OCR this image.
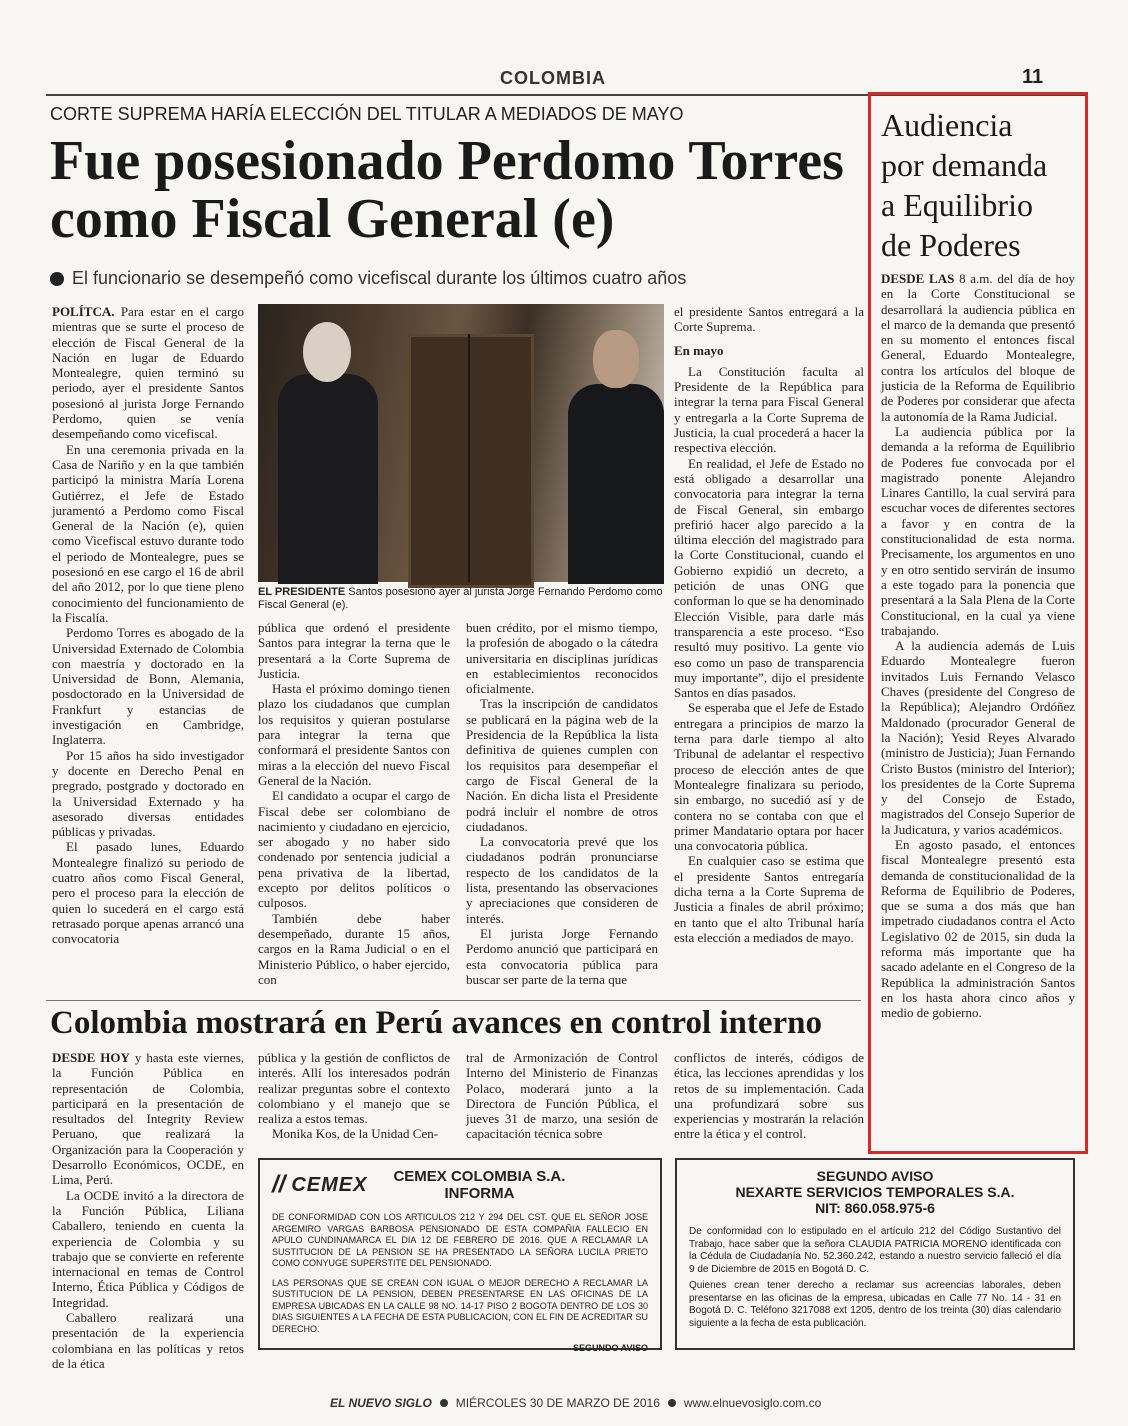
COLOMBIA	11
CORTE SUPREMA HARÍA ELECCIÓN DEL TITULAR A MEDIADOS DE MAYO
Fue posesionado Perdomo Torres como Fiscal General (e)
El funcionario se desempeñó como vicefiscal durante los últimos cuatro años

POLÍTCA. Para estar en el cargo mientras que se surte el proceso de elección de Fiscal General de la Nación en lugar de Eduardo Montealegre, quien terminó su periodo, ayer el presidente Santos posesionó al jurista Jorge Fernando Perdomo, quien se venía desempeñando como vicefiscal.

En una ceremonia privada en la Casa de Nariño y en la que también participó la ministra María Lorena Gutiérrez, el Jefe de Estado juramentó a Perdomo como Fiscal General de la Nación (e), quien como Vicefiscal estuvo durante todo el periodo de Montealegre, pues se posesionó en ese cargo el 16 de abril del año 2012, por lo que tiene pleno conocimiento del funcionamiento de la Fiscalía.

Perdomo Torres es abogado de la Universidad Externado de Colombia con maestría y doctorado en la Universidad de Bonn, Alemania, posdoctorado en la Universidad de Frankfurt y estancias de investigación en Cambridge, Inglaterra.

Por 15 años ha sido investigador y docente en Derecho Penal en pregrado, postgrado y doctorado en la Universidad Externado y ha asesorado diversas entidades públicas y privadas.

El pasado lunes, Eduardo Montealegre finalizó su periodo de cuatro años como Fiscal General, pero el proceso para la elección de quien lo sucederá en el cargo está retrasado porque apenas arrancó una convocatoria

EL PRESIDENTE Santos posesionó ayer al jurista Jorge Fernando Perdomo como Fiscal General (e).

pública que ordenó el presidente Santos para integrar la terna que le presentará a la Corte Suprema de Justicia.

Hasta el próximo domingo tienen plazo los ciudadanos que cumplan los requisitos y quieran postularse para integrar la terna que conformará el presidente Santos con miras a la elección del nuevo Fiscal General de la Nación.

El candidato a ocupar el cargo de Fiscal debe ser colombiano de nacimiento y ciudadano en ejercicio, ser abogado y no haber sido condenado por sentencia judicial a pena privativa de la libertad, excepto por delitos políticos o culposos.

También debe haber desempeñado, durante 15 años, cargos en la Rama Judicial o en el Ministerio Público, o haber ejercido, con

buen crédito, por el mismo tiempo, la profesión de abogado o la cátedra universitaria en disciplinas jurídicas en establecimientos reconocidos oficialmente.

Tras la inscripción de candidatos se publicará en la página web de la Presidencia de la República la lista definitiva de quienes cumplen con los requisitos para desempeñar el cargo de Fiscal General de la Nación. En dicha lista el Presidente podrá incluir el nombre de otros ciudadanos.

La convocatoria prevé que los ciudadanos podrán pronunciarse respecto de los candidatos de la lista, presentando las observaciones y apreciaciones que consideren de interés.

El jurista Jorge Fernando Perdomo anunció que participará en esta convocatoria pública para buscar ser parte de la terna que

el presidente Santos entregará a la Corte Suprema.

En mayo

La Constitución faculta al Presidente de la República para integrar la terna para Fiscal General y entregarla a la Corte Suprema de Justicia, la cual procederá a hacer la respectiva elección.

En realidad, el Jefe de Estado no está obligado a desarrollar una convocatoria para integrar la terna de Fiscal General, sin embargo prefirió hacer algo parecido a la última elección del magistrado para la Corte Constitucional, cuando el Gobierno expidió un decreto, a petición de unas ONG que conforman lo que se ha denominado Elección Visible, para darle más transparencia a este proceso. “Eso resultó muy positivo. La gente vio eso como un paso de transparencia muy importante”, dijo el presidente Santos en días pasados.

Se esperaba que el Jefe de Estado entregara a principios de marzo la terna para darle tiempo al alto Tribunal de adelantar el respectivo proceso de elección antes de que Montealegre finalizara su periodo, sin embargo, no sucedió así y de contera no se contaba con que el primer Mandatario optara por hacer una convocatoria pública.

En cualquier caso se estima que el presidente Santos entregaría dicha terna a la Corte Suprema de Justicia a finales de abril próximo; en tanto que el alto Tribunal haría esta elección a mediados de mayo.

Audiencia
por demanda
a Equilibrio
de Poderes

DESDE LAS 8 a.m. del día de hoy en la Corte Constitucional se desarrollará la audiencia pública en el marco de la demanda que presentó en su momento el entonces fiscal General, Eduardo Montealegre, contra los artículos del bloque de justicia de la Reforma de Equilibrio de Poderes por considerar que afecta la autonomía de la Rama Judicial.

La audiencia pública por la demanda a la reforma de Equilibrio de Poderes fue convocada por el magistrado ponente Alejandro Linares Cantillo, la cual servirá para escuchar voces de diferentes sectores a favor y en contra de la constitucionalidad de esta norma. Precisamente, los argumentos en uno y en otro sentido servirán de insumo a este togado para la ponencia que presentará a la Sala Plena de la Corte Constitucional, en la cual ya viene trabajando.

A la audiencia además de Luis Eduardo Montealegre fueron invitados Luis Fernando Velasco Chaves (presidente del Congreso de la República); Alejandro Ordóñez Maldonado (procurador General de la Nación); Yesid Reyes Alvarado (ministro de Justicia); Juan Fernando Cristo Bustos (ministro del Interior); los presidentes de la Corte Suprema y del Consejo de Estado, magistrados del Consejo Superior de la Judicatura, y varios académicos.

En agosto pasado, el entonces fiscal Montealegre presentó esta demanda de constitucionalidad de la Reforma de Equilibrio de Poderes, que se suma a dos más que han impetrado ciudadanos contra el Acto Legislativo 02 de 2015, sin duda la reforma más importante que ha sacado adelante en el Congreso de la República la administración Santos en los hasta ahora cinco años y medio de gobierno.

Colombia mostrará en Perú avances en control interno

DESDE HOY y hasta este viernes, la Función Pública en representación de Colombia, participará en la presentación de resultados del Integrity Review Peruano, que realizará la Organización para la Cooperación y Desarrollo Económicos, OCDE, en Lima, Perú.

La OCDE invitó a la directora de la Función Pública, Liliana Caballero, teniendo en cuenta la experiencia de Colombia y su trabajo que se convierte en referente internacional en temas de Control Interno, Ética Pública y Códigos de Integridad.

Caballero realizará una presentación de la experiencia colombiana en las políticas y retos de la ética

pública y la gestión de conflictos de interés. Allí los interesados podrán realizar preguntas sobre el contexto colombiano y el manejo que se realiza a estos temas.

Monika Kos, de la Unidad Cen-

tral de Armonización de Control Interno del Ministerio de Finanzas Polaco, moderará junto a la Directora de Función Pública, el jueves 31 de marzo, una sesión de capacitación técnica sobre

conflictos de interés, códigos de ética, las lecciones aprendidas y los retos de su implementación. Cada una profundizará sobre sus experiencias y mostrarán la relación entre la ética y el control.

// CEMEX CEMEX COLOMBIA S.A.
INFORMA
DE CONFORMIDAD CON LOS ARTICULOS 212 Y 294 DEL CST. QUE EL SEÑOR JOSE ARGEMIRO VARGAS BARBOSA PENSIONADO DE ESTA COMPAÑIA FALLECIO EN APULO CUNDINAMARCA EL DIA 12 DE FEBRERO DE 2016. QUE A RECLAMAR LA SUSTITUCION DE LA PENSION SE HA PRESENTADO LA SEÑORA LUCILA PRIETO COMO CONYUGE SUPERSTITE DEL PENSIONADO.
LAS PERSONAS QUE SE CREAN CON IGUAL O MEJOR DERECHO A RECLAMAR LA SUSTITUCION DE LA PENSION, DEBEN PRESENTARSE EN LAS OFICINAS DE LA EMPRESA UBICADAS EN LA CALLE 98 NO. 14-17 PISO 2 BOGOTA DENTRO DE LOS 30 DIAS SIGUIENTES A LA FECHA DE ESTA PUBLICACION, CON EL FIN DE ACREDITAR SU DERECHO.
SEGUNDO AVISO
SEGUNDO AVISO
NEXARTE SERVICIOS TEMPORALES S.A.
NIT: 860.058.975-6
De conformidad con lo estipulado en el artículo 212 del Código Sustantivo del Trabajo, hace saber que la señora CLAUDIA PATRICIA MORENO identificada con la Cédula de Ciudadanía No. 52.360.242, estando a nuestro servicio falleció el día 9 de Diciembre de 2015 en Bogotá D. C.
Quienes crean tener derecho a reclamar sus acreencias laborales, deben presentarse en las oficinas de la empresa, ubicadas en Calle 77 No. 14 - 31 en Bogotá D. C. Teléfono 3217088 ext 1205, dentro de los treinta (30) días calendario siguiente a la fecha de esta publicación.
EL NUEVO SIGLO MIÉRCOLES 30 DE MARZO DE 2016 www.elnuevosiglo.com.co
